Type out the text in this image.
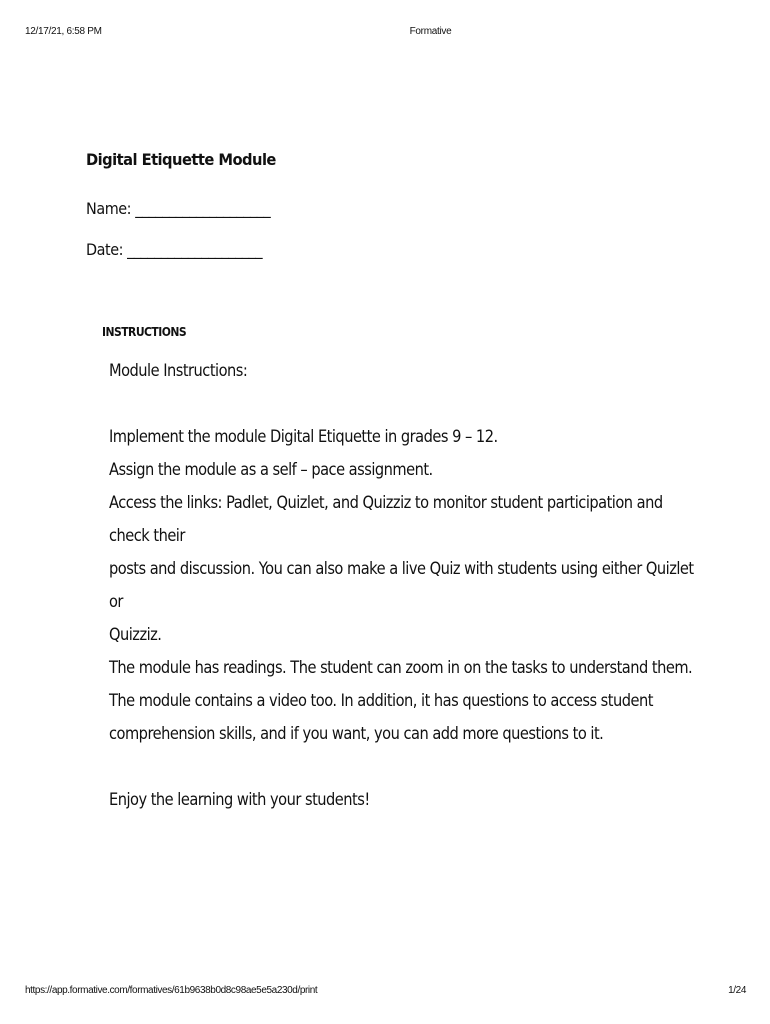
12/17/21, 6:58 PM	Formative
Digital Etiquette Module
Name: ____________________
Date: ____________________
INSTRUCTIONS

Module Instructions:

Implement the module Digital Etiquette in grades 9 – 12.

Assign the module as a self – pace assignment.

Access the links: Padlet, Quizlet, and Quizziz to monitor student participation and check their

posts and discussion. You can also make a live Quiz with students using either Quizlet or

Quizziz.

The module has readings. The student can zoom in on the tasks to understand them.

The module contains a video too. In addition, it has questions to access student

comprehension skills, and if you want, you can add more questions to it.

Enjoy the learning with your students!

https://app.formative.com/formatives/61b9638b0d8c98ae5e5a230d/print	1/24
